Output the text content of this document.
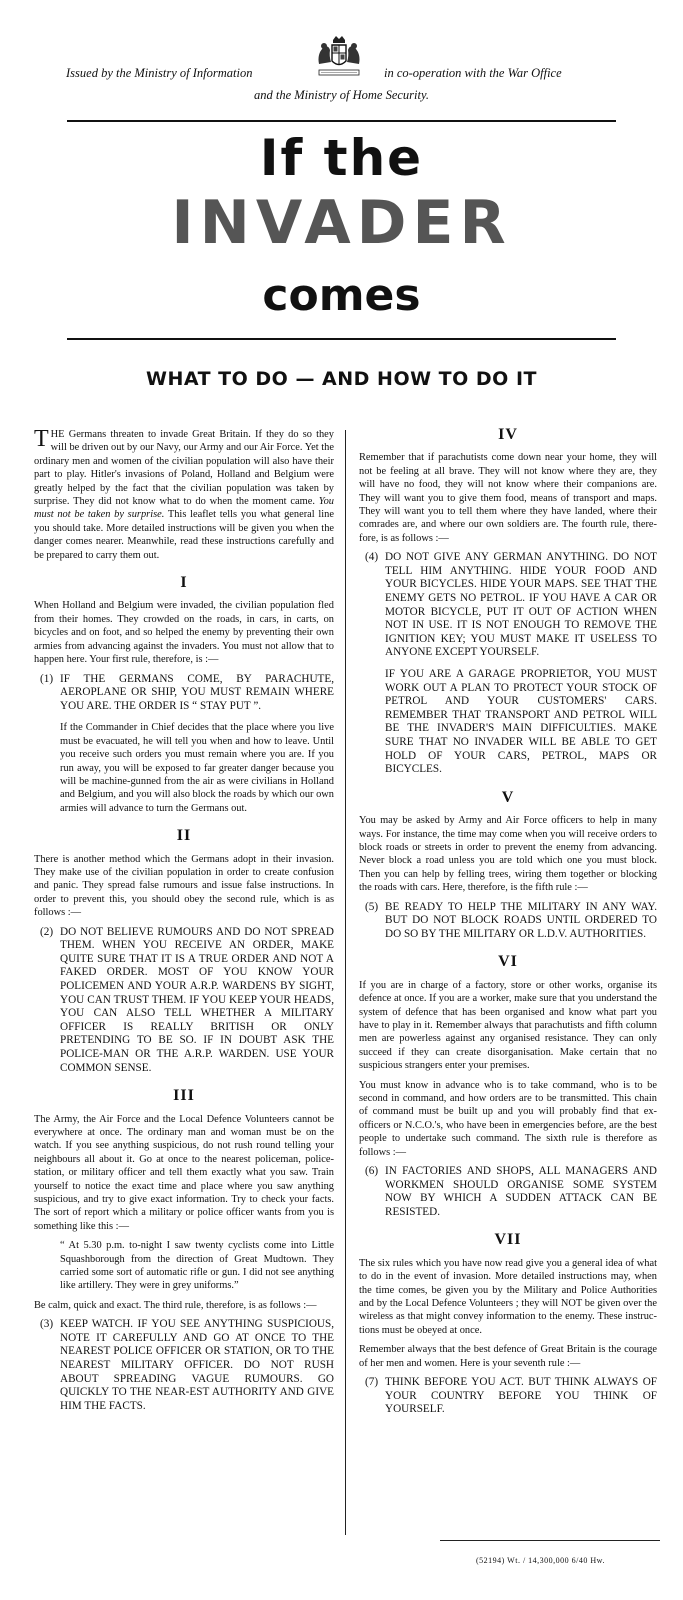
Issued by the Ministry of Information	in co-operation with the War Office
and the Ministry of Home Security.
If the
INVADER
comes
WHAT TO DO — AND HOW TO DO IT

THE Germans threaten to invade Great Britain. If they do so they will be driven out by our Navy, our Army and our Air Force. Yet the ordinary men and women of the civilian population will also have their part to play. Hitler's invasions of Poland, Holland and Belgium were greatly helped by the fact that the civilian population was taken by surprise. They did not know what to do when the moment came. You must not be taken by surprise. This leaflet tells you what general line you should take. More detailed instructions will be given you when the danger comes nearer. Meanwhile, read these instructions carefully and be prepared to carry them out.

I

When Holland and Belgium were invaded, the civilian population fled from their homes. They crowded on the roads, in cars, in carts, on bicycles and on foot, and so helped the enemy by preventing their own armies from advancing against the invaders. You must not allow that to happen here. Your first rule, therefore, is :—

(1) IF THE GERMANS COME, BY PARACHUTE, AEROPLANE OR SHIP, YOU MUST REMAIN WHERE YOU ARE. THE ORDER IS “ STAY PUT ”.

If the Commander in Chief decides that the place where you live must be evacuated, he will tell you when and how to leave. Until you receive such orders you must remain where you are. If you run away, you will be exposed to far greater danger because you will be machine-gunned from the air as were civilians in Holland and Belgium, and you will also block the roads by which our own armies will advance to turn the Germans out.

II

There is another method which the Germans adopt in their invasion. They make use of the civilian population in order to create confusion and panic. They spread false rumours and issue false instructions. In order to prevent this, you should obey the second rule, which is as follows :—

(2) DO NOT BELIEVE RUMOURS AND DO NOT SPREAD THEM. WHEN YOU RECEIVE AN ORDER, MAKE QUITE SURE THAT IT IS A TRUE ORDER AND NOT A FAKED ORDER. MOST OF YOU KNOW YOUR POLICEMEN AND YOUR A.R.P. WARDENS BY SIGHT, YOU CAN TRUST THEM. IF YOU KEEP YOUR HEADS, YOU CAN ALSO TELL WHETHER A MILITARY OFFICER IS REALLY BRITISH OR ONLY PRETENDING TO BE SO. IF IN DOUBT ASK THE POLICE-MAN OR THE A.R.P. WARDEN. USE YOUR COMMON SENSE.
III

The Army, the Air Force and the Local Defence Volunteers cannot be everywhere at once. The ordinary man and woman must be on the watch. If you see anything suspicious, do not rush round telling your neighbours all about it. Go at once to the nearest policeman, police-station, or military officer and tell them exactly what you saw. Train yourself to notice the exact time and place where you saw anything suspicious, and try to give exact information. Try to check your facts. The sort of report which a military or police officer wants from you is something like this :—

“ At 5.30 p.m. to-night I saw twenty cyclists come into Little Squashborough from the direction of Great Mudtown. They carried some sort of automatic rifle or gun. I did not see anything like artillery. They were in grey uniforms.”

Be calm, quick and exact. The third rule, therefore, is as follows :—

(3) KEEP WATCH. IF YOU SEE ANYTHING SUSPICIOUS, NOTE IT CAREFULLY AND GO AT ONCE TO THE NEAREST POLICE OFFICER OR STATION, OR TO THE NEAREST MILITARY OFFICER. DO NOT RUSH ABOUT SPREADING VAGUE RUMOURS. GO QUICKLY TO THE NEAR-EST AUTHORITY AND GIVE HIM THE FACTS.
IV

Remember that if parachutists come down near your home, they will not be feeling at all brave. They will not know where they are, they will have no food, they will not know where their companions are. They will want you to give them food, means of transport and maps. They will want you to tell them where they have landed, where their comrades are, and where our own soldiers are. The fourth rule, there-fore, is as follows :—

(4) DO NOT GIVE ANY GERMAN ANYTHING. DO NOT TELL HIM ANYTHING. HIDE YOUR FOOD AND YOUR BICYCLES. HIDE YOUR MAPS. SEE THAT THE ENEMY GETS NO PETROL. IF YOU HAVE A CAR OR MOTOR BICYCLE, PUT IT OUT OF ACTION WHEN NOT IN USE. IT IS NOT ENOUGH TO REMOVE THE IGNITION KEY; YOU MUST MAKE IT USELESS TO ANYONE EXCEPT YOURSELF.

IF YOU ARE A GARAGE PROPRIETOR, YOU MUST WORK OUT A PLAN TO PROTECT YOUR STOCK OF PETROL AND YOUR CUSTOMERS' CARS. REMEMBER THAT TRANSPORT AND PETROL WILL BE THE INVADER'S MAIN DIFFICULTIES. MAKE SURE THAT NO INVADER WILL BE ABLE TO GET HOLD OF YOUR CARS, PETROL, MAPS OR BICYCLES.

V

You may be asked by Army and Air Force officers to help in many ways. For instance, the time may come when you will receive orders to block roads or streets in order to prevent the enemy from advancing. Never block a road unless you are told which one you must block. Then you can help by felling trees, wiring them together or blocking the roads with cars. Here, therefore, is the fifth rule :—

(5) BE READY TO HELP THE MILITARY IN ANY WAY. BUT DO NOT BLOCK ROADS UNTIL ORDERED TO DO SO BY THE MILITARY OR L.D.V. AUTHORITIES.
VI

If you are in charge of a factory, store or other works, organise its defence at once. If you are a worker, make sure that you understand the system of defence that has been organised and know what part you have to play in it. Remember always that parachutists and fifth column men are powerless against any organised resistance. They can only succeed if they can create disorganisation. Make certain that no suspicious strangers enter your premises.

You must know in advance who is to take command, who is to be second in command, and how orders are to be transmitted. This chain of command must be built up and you will probably find that ex-officers or N.C.O.'s, who have been in emergencies before, are the best people to undertake such command. The sixth rule is therefore as follows :—

(6) IN FACTORIES AND SHOPS, ALL MANAGERS AND WORKMEN SHOULD ORGANISE SOME SYSTEM NOW BY WHICH A SUDDEN ATTACK CAN BE RESISTED.
VII

The six rules which you have now read give you a general idea of what to do in the event of invasion. More detailed instructions may, when the time comes, be given you by the Military and Police Authorities and by the Local Defence Volunteers ; they will NOT be given over the wireless as that might convey information to the enemy. These instruc-tions must be obeyed at once.

Remember always that the best defence of Great Britain is the courage of her men and women. Here is your seventh rule :—

(7) THINK BEFORE YOU ACT. BUT THINK ALWAYS OF YOUR COUNTRY BEFORE YOU THINK OF YOURSELF.
(52194) Wt. / 14,300,000 6/40 Hw.
